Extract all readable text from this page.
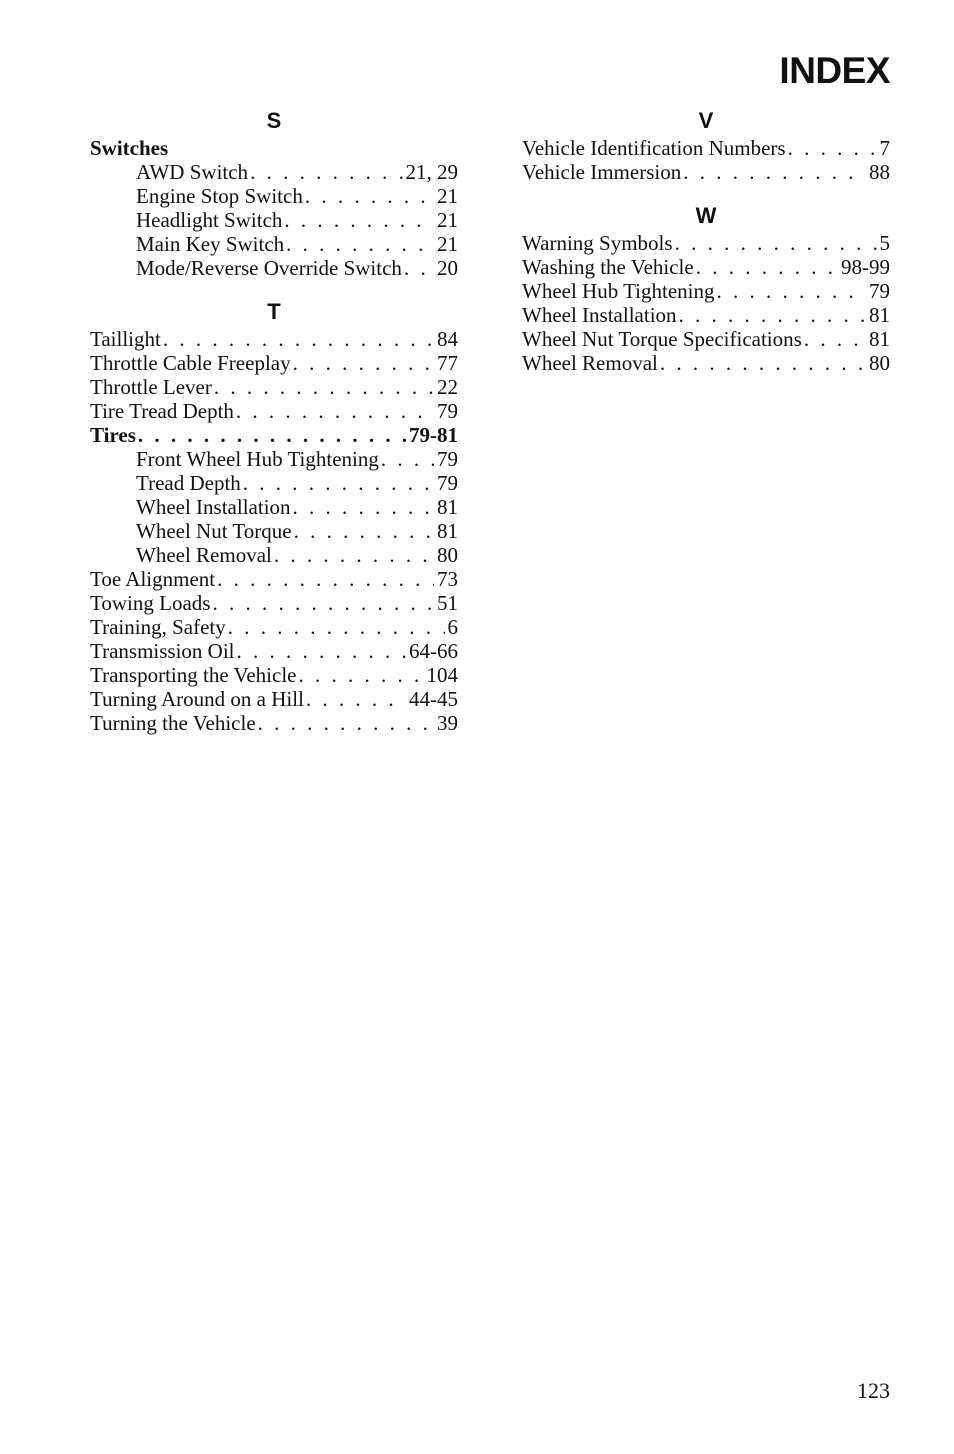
INDEX
S
Switches
AWD Switch . . .	21, 29
Engine Stop Switch . . .	21
Headlight Switch . . .	21
Main Key Switch . . .	21
Mode/Reverse Override Switch . . . 20
T
Taillight . . .	84
Throttle Cable Freeplay . . .	77
Throttle Lever . . .	22
Tire Tread Depth . . .	79
Tires . . .	79-81
Front Wheel Hub Tightening . . .	79
Tread Depth . . .	79
Wheel Installation . . .	81
Wheel Nut Torque . . .	81
Wheel Removal . . .	80
Toe Alignment . . .	73
Towing Loads . . .	51
Training, Safety . . .	6
Transmission Oil . . .	64-66
Transporting the Vehicle . . .	104
Turning Around on a Hill . . .	44-45
Turning the Vehicle . . .	39
V
Vehicle Identification Numbers . . .	7
Vehicle Immersion . . .	88
W
Warning Symbols . . .	5
Washing the Vehicle . . .	98-99
Wheel Hub Tightening . . .	79
Wheel Installation . . .	81
Wheel Nut Torque Specifications . . .	81
Wheel Removal . . .	80
123
